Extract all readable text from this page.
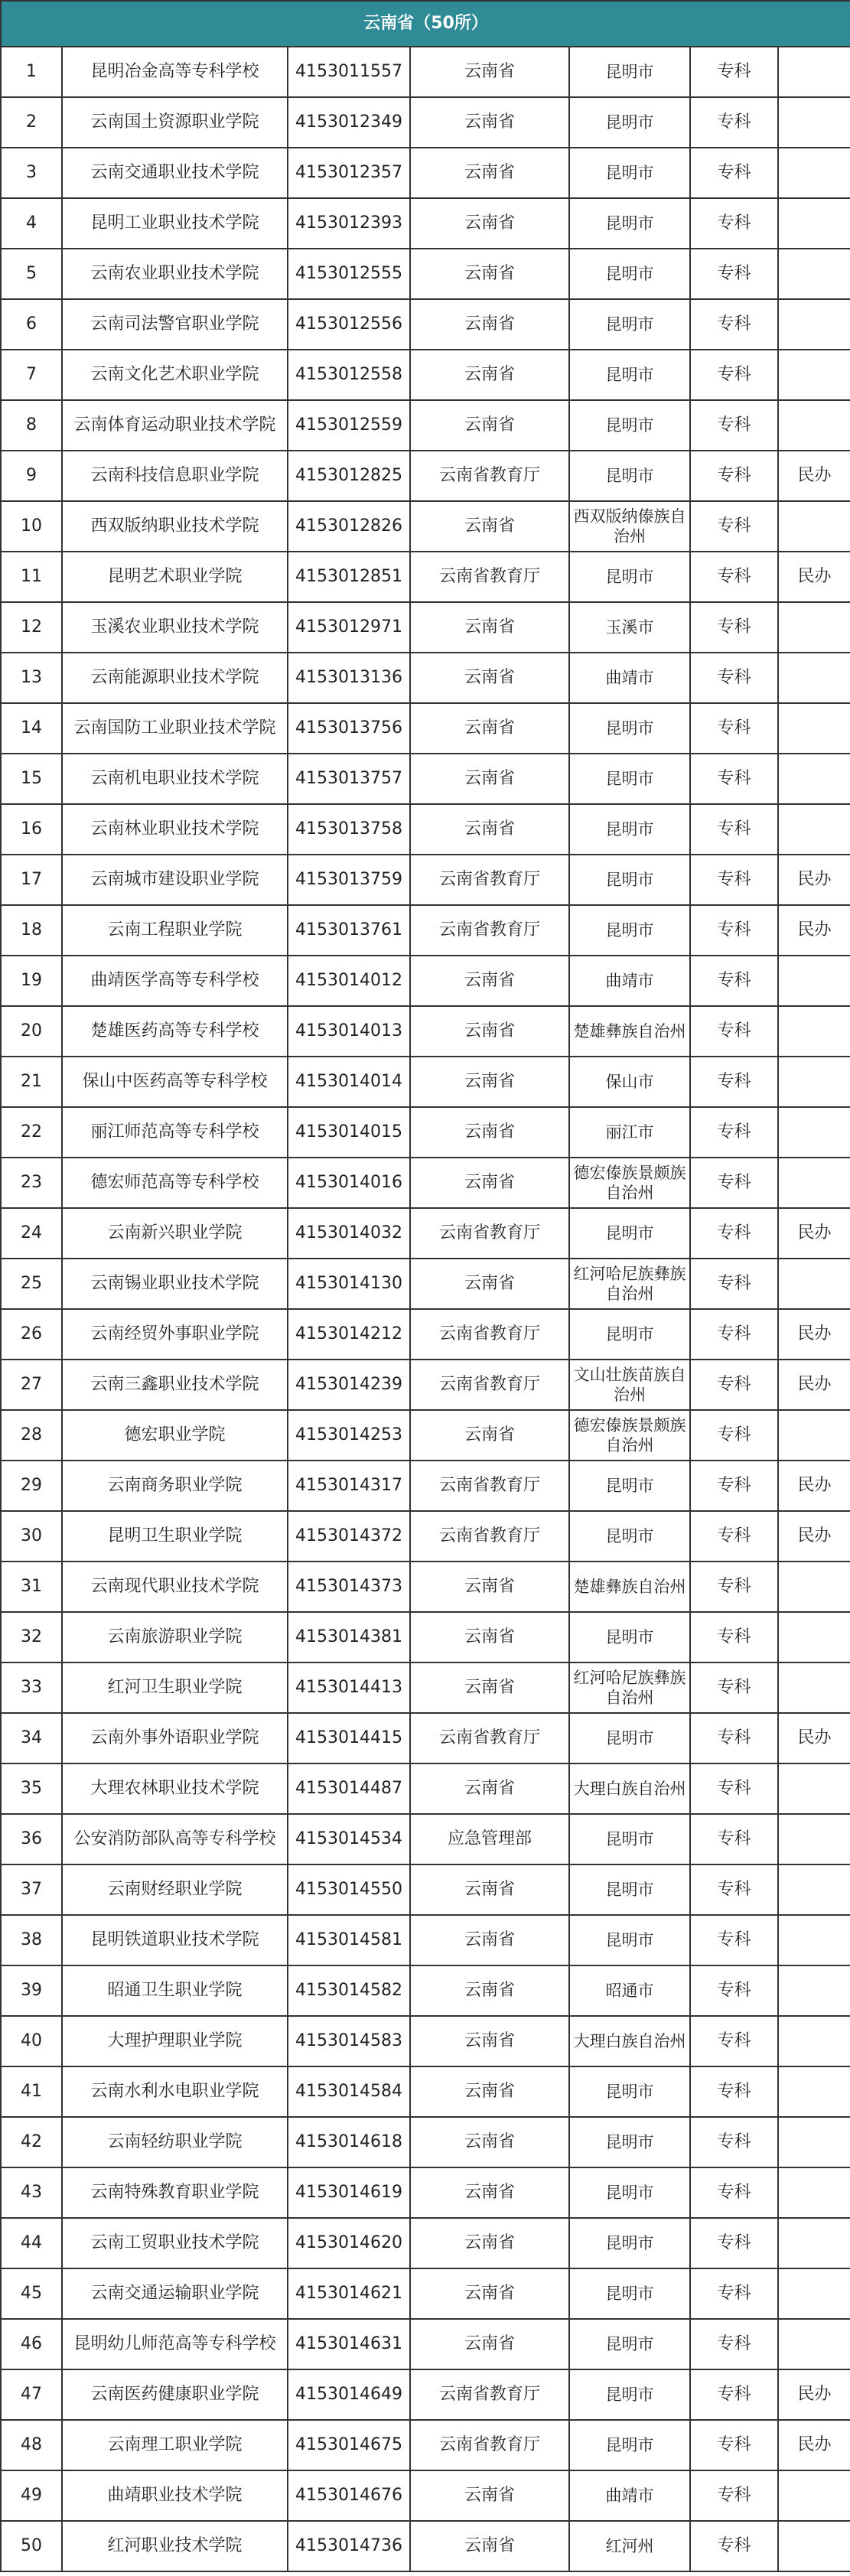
云南省（50所）						
1	昆明冶金高等专科学校	4153011557	云南省	昆明市	专科	
2	云南国土资源职业学院	4153012349	云南省	昆明市	专科	
3	云南交通职业技术学院	4153012357	云南省	昆明市	专科	
4	昆明工业职业技术学院	4153012393	云南省	昆明市	专科	
5	云南农业职业技术学院	4153012555	云南省	昆明市	专科	
6	云南司法警官职业学院	4153012556	云南省	昆明市	专科	
7	云南文化艺术职业学院	4153012558	云南省	昆明市	专科	
8	云南体育运动职业技术学院	4153012559	云南省	昆明市	专科	
9	云南科技信息职业学院	4153012825	云南省教育厅	昆明市	专科	民办
10	西双版纳职业技术学院	4153012826	云南省	西双版纳傣族自治州	专科	
11	昆明艺术职业学院	4153012851	云南省教育厅	昆明市	专科	民办
12	玉溪农业职业技术学院	4153012971	云南省	玉溪市	专科	
13	云南能源职业技术学院	4153013136	云南省	曲靖市	专科	
14	云南国防工业职业技术学院	4153013756	云南省	昆明市	专科	
15	云南机电职业技术学院	4153013757	云南省	昆明市	专科	
16	云南林业职业技术学院	4153013758	云南省	昆明市	专科	
17	云南城市建设职业学院	4153013759	云南省教育厅	昆明市	专科	民办
18	云南工程职业学院	4153013761	云南省教育厅	昆明市	专科	民办
19	曲靖医学高等专科学校	4153014012	云南省	曲靖市	专科	
20	楚雄医药高等专科学校	4153014013	云南省	楚雄彝族自治州	专科	
21	保山中医药高等专科学校	4153014014	云南省	保山市	专科	
22	丽江师范高等专科学校	4153014015	云南省	丽江市	专科	
23	德宏师范高等专科学校	4153014016	云南省	德宏傣族景颇族自治州	专科	
24	云南新兴职业学院	4153014032	云南省教育厅	昆明市	专科	民办
25	云南锡业职业技术学院	4153014130	云南省	红河哈尼族彝族自治州	专科	
26	云南经贸外事职业学院	4153014212	云南省教育厅	昆明市	专科	民办
27	云南三鑫职业技术学院	4153014239	云南省教育厅	文山壮族苗族自治州	专科	民办
28	德宏职业学院	4153014253	云南省	德宏傣族景颇族自治州	专科	
29	云南商务职业学院	4153014317	云南省教育厅	昆明市	专科	民办
30	昆明卫生职业学院	4153014372	云南省教育厅	昆明市	专科	民办
31	云南现代职业技术学院	4153014373	云南省	楚雄彝族自治州	专科	
32	云南旅游职业学院	4153014381	云南省	昆明市	专科	
33	红河卫生职业学院	4153014413	云南省	红河哈尼族彝族自治州	专科	
34	云南外事外语职业学院	4153014415	云南省教育厅	昆明市	专科	民办
35	大理农林职业技术学院	4153014487	云南省	大理白族自治州	专科	
36	公安消防部队高等专科学校	4153014534	应急管理部	昆明市	专科	
37	云南财经职业学院	4153014550	云南省	昆明市	专科	
38	昆明铁道职业技术学院	4153014581	云南省	昆明市	专科	
39	昭通卫生职业学院	4153014582	云南省	昭通市	专科	
40	大理护理职业学院	4153014583	云南省	大理白族自治州	专科	
41	云南水利水电职业学院	4153014584	云南省	昆明市	专科	
42	云南轻纺职业学院	4153014618	云南省	昆明市	专科	
43	云南特殊教育职业学院	4153014619	云南省	昆明市	专科	
44	云南工贸职业技术学院	4153014620	云南省	昆明市	专科	
45	云南交通运输职业学院	4153014621	云南省	昆明市	专科	
46	昆明幼儿师范高等专科学校	4153014631	云南省	昆明市	专科	
47	云南医药健康职业学院	4153014649	云南省教育厅	昆明市	专科	民办
48	云南理工职业学院	4153014675	云南省教育厅	昆明市	专科	民办
49	曲靖职业技术学院	4153014676	云南省	曲靖市	专科	
50	红河职业技术学院	4153014736	云南省	红河州	专科	
